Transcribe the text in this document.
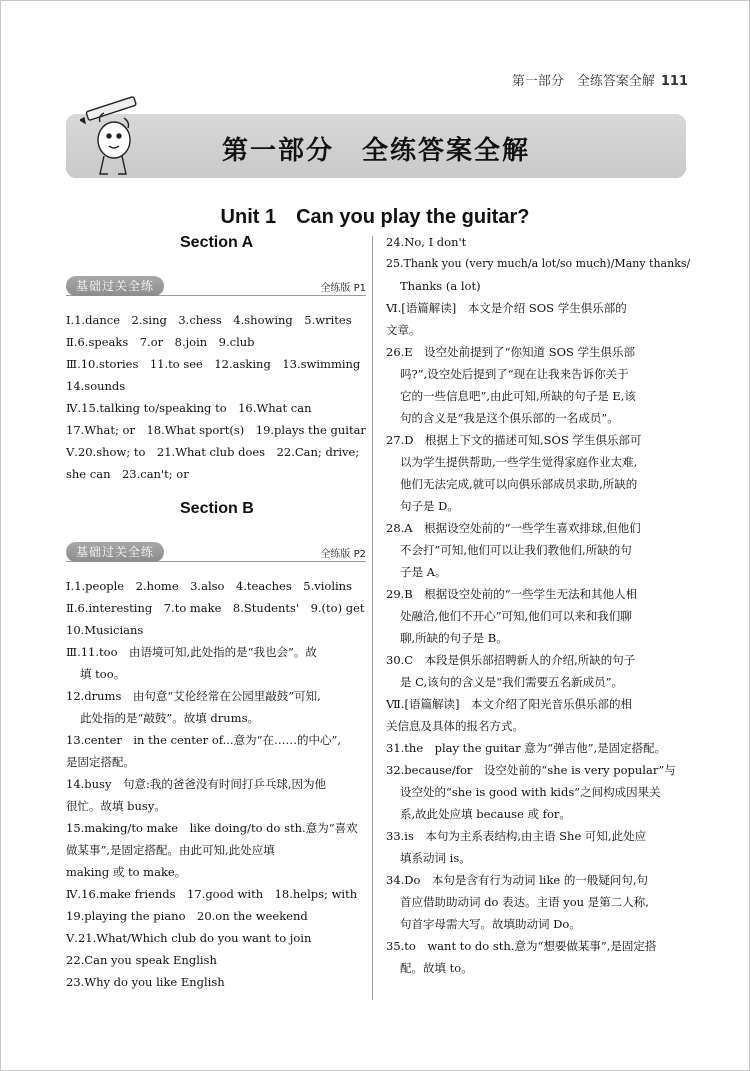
第一部分　全练答案全解 111
第一部分　全练答案全解
Unit 1　Can you play the guitar?
Section A
基础过关全练	全练版 P1
Ⅰ.1.dance　2.sing　3.chess　4.showing　5.writes
Ⅱ.6.speaks　7.or　8.join　9.club
Ⅲ.10.stories　11.to see　12.asking　13.swimming
14.sounds
Ⅳ.15.talking to/speaking to　16.What can
17.What; or　18.What sport(s)　19.plays the guitar
Ⅴ.20.show; to　21.What club does　22.Can; drive;
she can　23.can't; or
Section B
基础过关全练	全练版 P2
Ⅰ.1.people　2.home　3.also　4.teaches　5.violins
Ⅱ.6.interesting　7.to make　8.Students'　9.(to) get
10.Musicians
Ⅲ.11.too　由语境可知,此处指的是“我也会”。故
填 too。
12.drums　由句意“艾伦经常在公园里敲鼓”可知,
此处指的是“敲鼓”。故填 drums。
13.center　in the center of...意为“在……的中心”,
是固定搭配。
14.busy　句意:我的爸爸没有时间打乒乓球,因为他
很忙。故填 busy。
15.making/to make　like doing/to do sth.意为“喜欢
做某事”,是固定搭配。由此可知,此处应填
making 或 to make。
Ⅳ.16.make friends　17.good with　18.helps; with
19.playing the piano　20.on the weekend
Ⅴ.21.What/Which club do you want to join
22.Can you speak English
23.Why do you like English
24.No, I don't
25.Thank you (very much/a lot/so much)/Many thanks/
Thanks (a lot)
Ⅵ.[语篇解读]　本文是介绍 SOS 学生俱乐部的
文章。
26.E　设空处前提到了“你知道 SOS 学生俱乐部
吗?”,设空处后提到了“现在让我来告诉你关于
它的一些信息吧”,由此可知,所缺的句子是 E,该
句的含义是“我是这个俱乐部的一名成员”。
27.D　根据上下文的描述可知,SOS 学生俱乐部可
以为学生提供帮助,一些学生觉得家庭作业太难,
他们无法完成,就可以向俱乐部成员求助,所缺的
句子是 D。
28.A　根据设空处前的“一些学生喜欢排球,但他们
不会打”可知,他们可以让我们教他们,所缺的句
子是 A。
29.B　根据设空处前的“一些学生无法和其他人相
处融洽,他们不开心”可知,他们可以来和我们聊
聊,所缺的句子是 B。
30.C　本段是俱乐部招聘新人的介绍,所缺的句子
是 C,该句的含义是“我们需要五名新成员”。
Ⅶ.[语篇解读]　本文介绍了阳光音乐俱乐部的相
关信息及具体的报名方式。
31.the　play the guitar 意为“弹吉他”,是固定搭配。
32.because/for　设空处前的“she is very popular”与
设空处的“she is good with kids”之间构成因果关
系,故此处应填 because 或 for。
33.is　本句为主系表结构,由主语 She 可知,此处应
填系动词 is。
34.Do　本句是含有行为动词 like 的一般疑问句,句
首应借助助动词 do 表达。主语 you 是第二人称,
句首字母需大写。故填助动词 Do。
35.to　want to do sth.意为“想要做某事”,是固定搭
配。故填 to。
